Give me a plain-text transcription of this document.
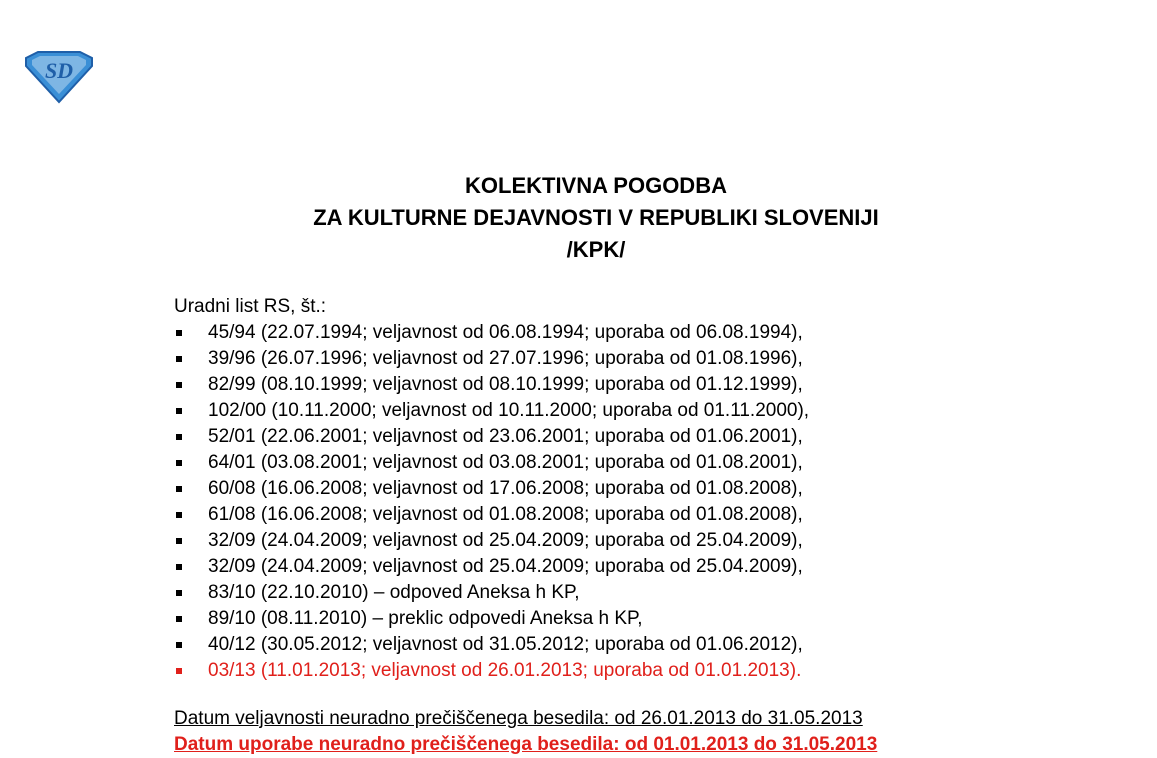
SD
KOLEKTIVNA POGODBA
ZA KULTURNE DEJAVNOSTI V REPUBLIKI SLOVENIJI
/KPK/
Uradni list RS, št.:
45/94 (22.07.1994; veljavnost od 06.08.1994; uporaba od 06.08.1994),
39/96 (26.07.1996; veljavnost od 27.07.1996; uporaba od 01.08.1996),
82/99 (08.10.1999; veljavnost od 08.10.1999; uporaba od 01.12.1999),
102/00 (10.11.2000; veljavnost od 10.11.2000; uporaba od 01.11.2000),
52/01 (22.06.2001; veljavnost od 23.06.2001; uporaba od 01.06.2001),
64/01 (03.08.2001; veljavnost od 03.08.2001; uporaba od 01.08.2001),
60/08 (16.06.2008; veljavnost od 17.06.2008; uporaba od 01.08.2008),
61/08 (16.06.2008; veljavnost od 01.08.2008; uporaba od 01.08.2008),
32/09 (24.04.2009; veljavnost od 25.04.2009; uporaba od 25.04.2009),
32/09 (24.04.2009; veljavnost od 25.04.2009; uporaba od 25.04.2009),
83/10 (22.10.2010) – odpoved Aneksa h KP,
89/10 (08.11.2010) – preklic odpovedi Aneksa h KP,
40/12 (30.05.2012; veljavnost od 31.05.2012; uporaba od 01.06.2012),
03/13 (11.01.2013; veljavnost od 26.01.2013; uporaba od 01.01.2013).
Datum veljavnosti neuradno prečiščenega besedila: od 26.01.2013 do 31.05.2013
Datum uporabe neuradno prečiščenega besedila: od 01.01.2013 do 31.05.2013
